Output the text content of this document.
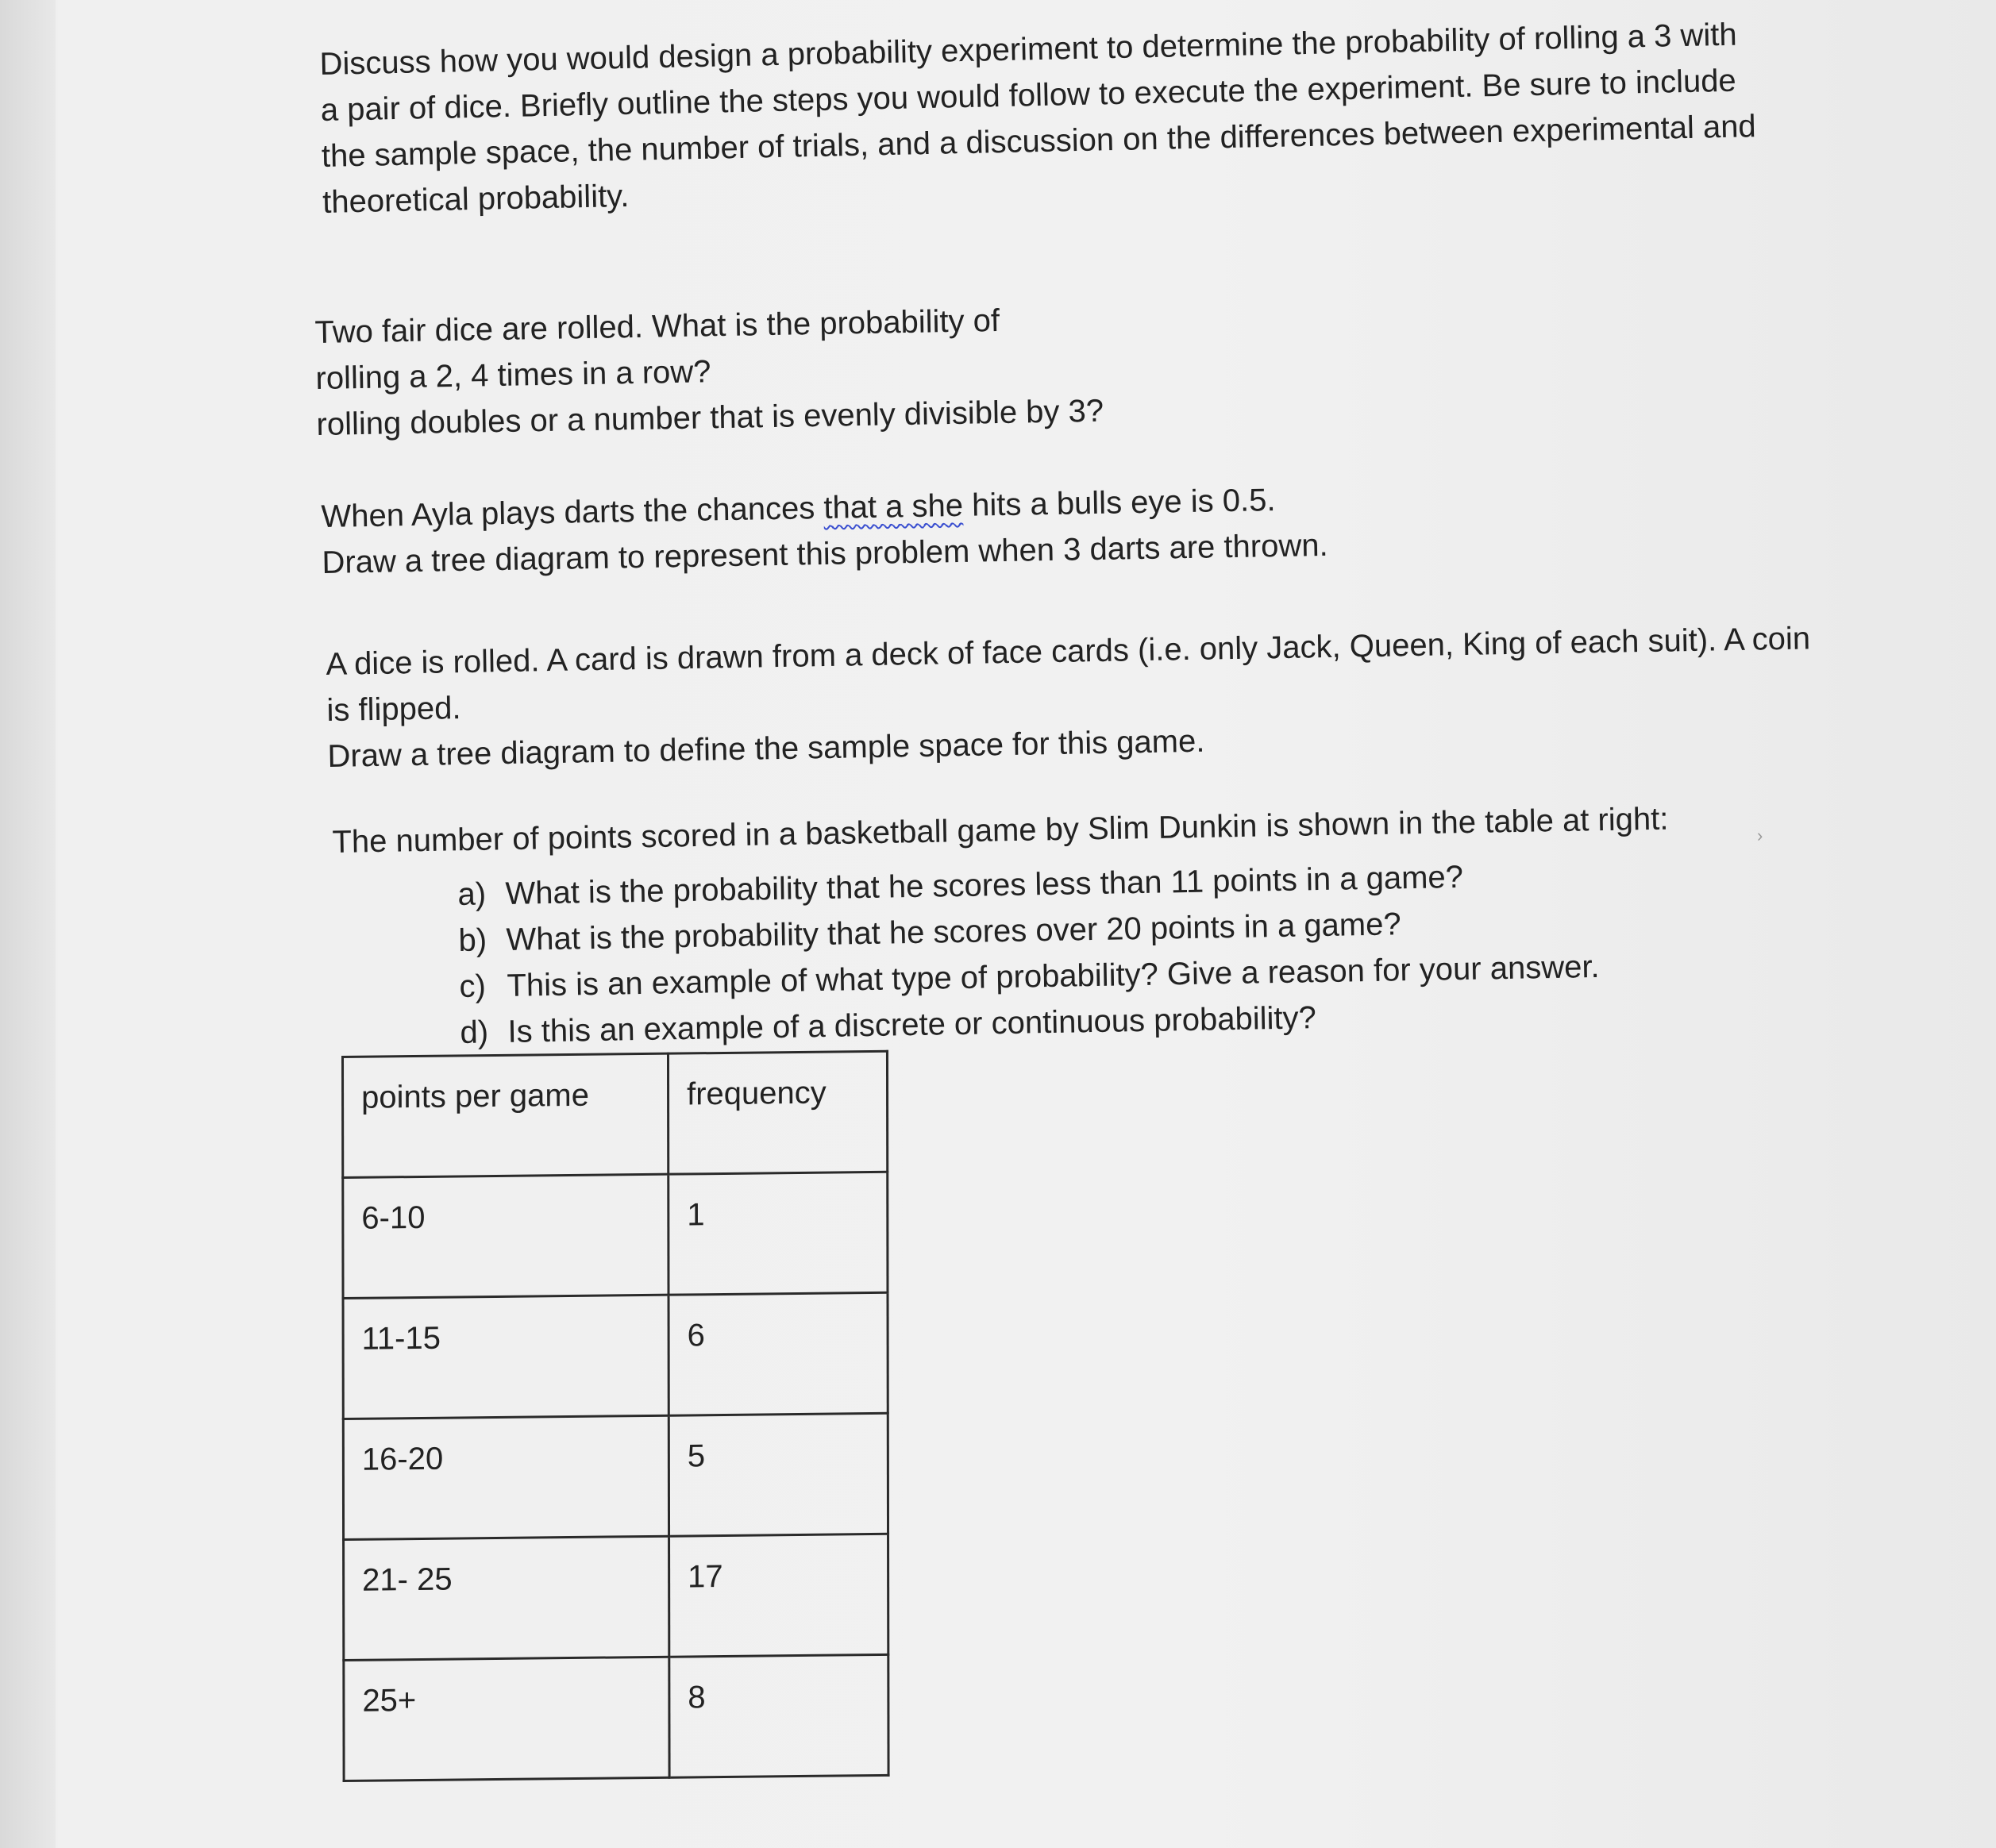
Discuss how you would design a probability experiment to determine the probability of rolling a 3 with
a pair of dice. Briefly outline the steps you would follow to execute the experiment. Be sure to include
the sample space, the number of trials, and a discussion on the differences between experimental and
theoretical probability.

Two fair dice are rolled. What is the probability of
rolling a 2, 4 times in a row?
rolling doubles or a number that is evenly divisible by 3?

When Ayla plays darts the chances that a she hits a bulls eye is 0.5.
Draw a tree diagram to represent this problem when 3 darts are thrown.

A dice is rolled. A card is drawn from a deck of face cards (i.e. only Jack, Queen, King of each suit). A coin
is flipped.
Draw a tree diagram to define the sample space for this game.

The number of points scored in a basketball game by Slim Dunkin is shown in the table at right:

a) What is the probability that he scores less than 11 points in a game?
b) What is the probability that he scores over 20 points in a game?
c) This is an example of what type of probability? Give a reason for your answer.
d) Is this an example of a discrete or continuous probability?
points per game	frequency
6-10	1
11-15	6
16-20	5
21- 25	17
25+	8
›
